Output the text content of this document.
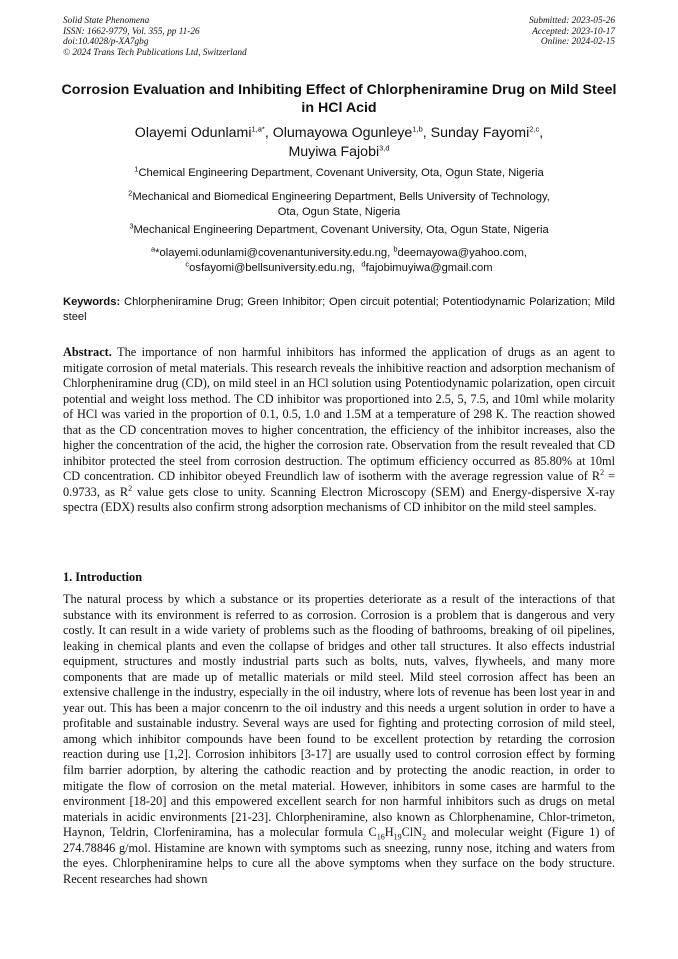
Solid State Phenomena
ISSN: 1662-9779, Vol. 355, pp 11-26
doi:10.4028/p-XA7gbg
© 2024 Trans Tech Publications Ltd, Switzerland
Submitted: 2023-05-26
Accepted: 2023-10-17
Online: 2024-02-15
Corrosion Evaluation and Inhibiting Effect of Chlorpheniramine Drug on Mild Steel in HCl Acid
Olayemi Odunlami$^{1,a*}$, Olumayowa Ogunleye$^{1,b}$, Sunday Fayomi$^{2,c}$,
Muyiwa Fajobi$^{3,d}$
$^1$Chemical Engineering Department, Covenant University, Ota, Ogun State, Nigeria
$^2$Mechanical and Biomedical Engineering Department, Bells University of Technology,
Ota, Ogun State, Nigeria
$^3$Mechanical Engineering Department, Covenant University, Ota, Ogun State, Nigeria
$^a$*olayemi.odunlami@covenantuniversity.edu.ng, $^b$deemayowa@yahoo.com,
$^c$osfayomi@bellsuniversity.edu.ng, $^d$fajobimuyiwa@gmail.com
Keywords: Chlorpheniramine Drug; Green Inhibitor; Open circuit potential; Potentiodynamic Polarization; Mild steel
Abstract. The importance of non harmful inhibitors has informed the application of drugs as an agent to mitigate corrosion of metal materials. This research reveals the inhibitive reaction and adsorption mechanism of Chlorpheniramine drug (CD), on mild steel in an HCl solution using Potentiodynamic polarization, open circuit potential and weight loss method. The CD inhibitor was proportioned into 2.5, 5, 7.5, and 10ml while molarity of HCl was varied in the proportion of 0.1, 0.5, 1.0 and 1.5M at a temperature of 298 K. The reaction showed that as the CD concentration moves to higher concentration, the efficiency of the inhibitor increases, also the higher the concentration of the acid, the higher the corrosion rate. Observation from the result revealed that CD inhibitor protected the steel from corrosion destruction. The optimum efficiency occurred as 85.80% at 10ml CD concentration. CD inhibitor obeyed Freundlich law of isotherm with the average regression value of $R^2 = 0.9733$, as $R^2$ value gets close to unity. Scanning Electron Microscopy (SEM) and Energy-dispersive X-ray spectra (EDX) results also confirm strong adsorption mechanisms of CD inhibitor on the mild steel samples.
1. Introduction
The natural process by which a substance or its properties deteriorate as a result of the interactions of that substance with its environment is referred to as corrosion. Corrosion is a problem that is dangerous and very costly. It can result in a wide variety of problems such as the flooding of bathrooms, breaking of oil pipelines, leaking in chemical plants and even the collapse of bridges and other tall structures. It also effects industrial equipment, structures and mostly industrial parts such as bolts, nuts, valves, flywheels, and many more components that are made up of metallic materials or mild steel. Mild steel corrosion affect has been an extensive challenge in the industry, especially in the oil industry, where lots of revenue has been lost year in and year out. This has been a major concenrn to the oil industry and this needs a urgent solution in order to have a profitable and sustainable industry. Several ways are used for fighting and protecting corrosion of mild steel, among which inhibitor compounds have been found to be excellent protection by retarding the corrosion reaction during use [1,2]. Corrosion inhibitors [3-17] are usually used to control corrosion effect by forming film barrier adorption, by altering the cathodic reaction and by protecting the anodic reaction, in order to mitigate the flow of corrosion on the metal material. However, inhibitors in some cases are harmful to the environment [18-20] and this empowered excellent search for non harmful inhibitors such as drugs on metal materials in acidic environments [21-23]. Chlorpheniramine, also known as Chlorphenamine, Chlor-trimeton, Haynon, Teldrin, Clorfeniramina, has a molecular formula $C_{16}H_{19}ClN_2$ and molecular weight (Figure 1) of 274.78846 g/mol. Histamine are known with symptoms such as sneezing, runny nose, itching and waters from the eyes. Chlorpheniramine helps to cure all the above symptoms when they surface on the body structure. Recent researches had shown
